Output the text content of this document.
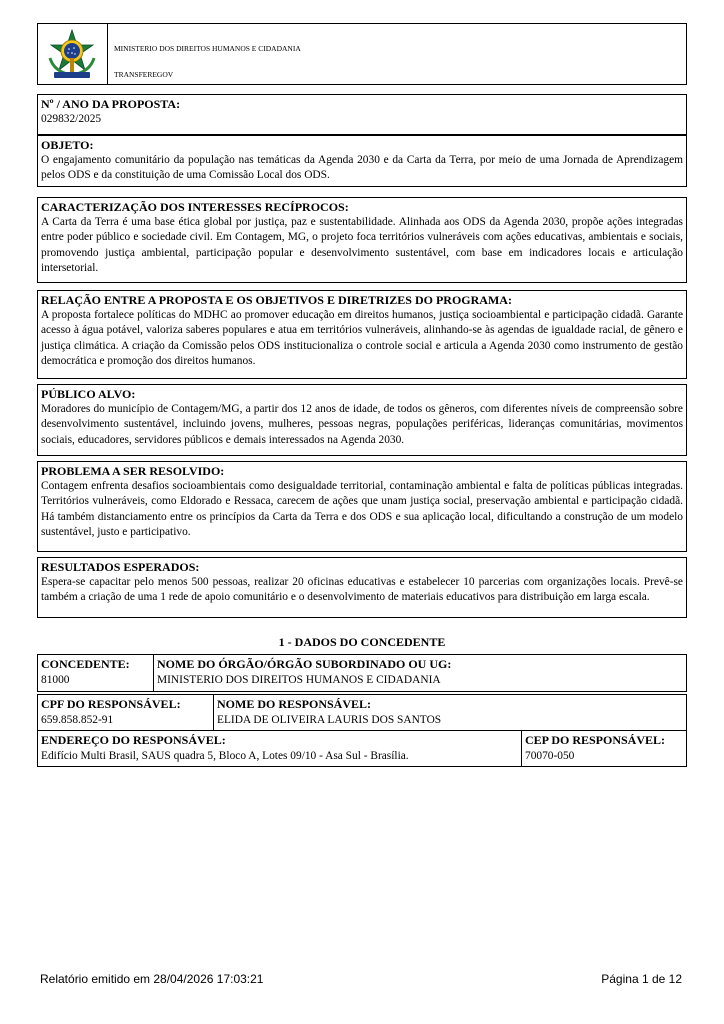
MINISTERIO DOS DIREITOS HUMANOS E CIDADANIA
TRANSFEREGOV
Nº / ANO DA PROPOSTA:
029832/2025
OBJETO:
O engajamento comunitário da população nas temáticas da Agenda 2030 e da Carta da Terra, por meio de uma Jornada de Aprendizagem pelos ODS e da constituição de uma Comissão Local dos ODS.
CARACTERIZAÇÃO DOS INTERESSES RECÍPROCOS:
A Carta da Terra é uma base ética global por justiça, paz e sustentabilidade. Alinhada aos ODS da Agenda 2030, propõe ações integradas entre poder público e sociedade civil. Em Contagem, MG, o projeto foca territórios vulneráveis com ações educativas, ambientais e sociais, promovendo justiça ambiental, participação popular e desenvolvimento sustentável, com base em indicadores locais e articulação intersetorial.
RELAÇÃO ENTRE A PROPOSTA E OS OBJETIVOS E DIRETRIZES DO PROGRAMA:
A proposta fortalece políticas do MDHC ao promover educação em direitos humanos, justiça socioambiental e participação cidadã. Garante acesso à água potável, valoriza saberes populares e atua em territórios vulneráveis, alinhando-se às agendas de igualdade racial, de gênero e justiça climática. A criação da Comissão pelos ODS institucionaliza o controle social e articula a Agenda 2030 como instrumento de gestão democrática e promoção dos direitos humanos.
PÚBLICO ALVO:
Moradores do município de Contagem/MG, a partir dos 12 anos de idade, de todos os gêneros, com diferentes níveis de compreensão sobre desenvolvimento sustentável, incluindo jovens, mulheres, pessoas negras, populações periféricas, lideranças comunitárias, movimentos sociais, educadores, servidores públicos e demais interessados na Agenda 2030.
PROBLEMA A SER RESOLVIDO:
Contagem enfrenta desafios socioambientais como desigualdade territorial, contaminação ambiental e falta de políticas públicas integradas. Territórios vulneráveis, como Eldorado e Ressaca, carecem de ações que unam justiça social, preservação ambiental e participação cidadã. Há também distanciamento entre os princípios da Carta da Terra e dos ODS e sua aplicação local, dificultando a construção de um modelo sustentável, justo e participativo.
RESULTADOS ESPERADOS:
Espera-se capacitar pelo menos 500 pessoas, realizar 20 oficinas educativas e estabelecer 10 parcerias com organizações locais. Prevê-se também a criação de uma 1 rede de apoio comunitário e o desenvolvimento de materiais educativos para distribuição em larga escala.
1 - DADOS DO CONCEDENTE
CONCEDENTE:
81000
NOME DO ÓRGÃO/ÓRGÃO SUBORDINADO OU UG:
MINISTERIO DOS DIREITOS HUMANOS E CIDADANIA
CPF DO RESPONSÁVEL:
659.858.852-91
NOME DO RESPONSÁVEL:
ELIDA DE OLIVEIRA LAURIS DOS SANTOS
ENDEREÇO DO RESPONSÁVEL:
Edifício Multi Brasil, SAUS quadra 5, Bloco A, Lotes 09/10 - Asa Sul - Brasília.
CEP DO RESPONSÁVEL:
70070-050
Relatório emitido em 28/04/2026 17:03:21	Página 1 de 12
